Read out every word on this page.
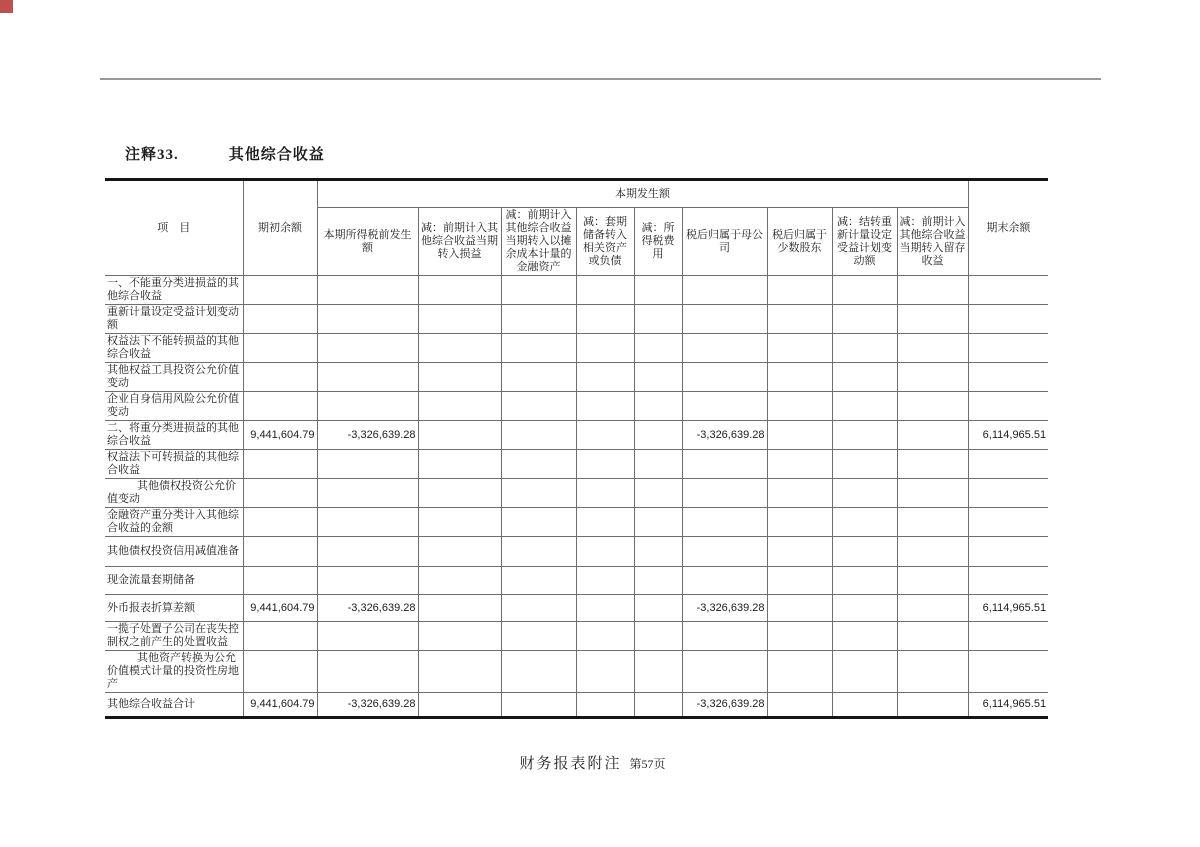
注释33.	其他综合收益
项　目	期初余额	本期发生额									期末余额
		本期所得税前发生额	减：前期计入其他综合收益当期转入损益	减：前期计入其他综合收益当期转入以摊余成本计量的金融资产	减：套期储备转入相关资产或负债	减：所得税费用	税后归属于母公司	税后归属于少数股东	减：结转重新计量设定受益计划变动额	减：前期计入其他综合收益当期转入留存收益	
一、不能重分类进损益的其他综合收益											
重新计量设定受益计划变动额											
权益法下不能转损益的其他综合收益											
其他权益工具投资公允价值变动											
企业自身信用风险公允价值变动											
二、将重分类进损益的其他综合收益	9,441,604.79	-3,326,639.28					-3,326,639.28				6,114,965.51
权益法下可转损益的其他综合收益											
其他债权投资公允价值变动											
金融资产重分类计入其他综合收益的金额											
其他债权投资信用减值准备											
现金流量套期储备											
外币报表折算差额	9,441,604.79	-3,326,639.28					-3,326,639.28				6,114,965.51
一揽子处置子公司在丧失控制权之前产生的处置收益											
其他资产转换为公允价值模式计量的投资性房地产											
其他综合收益合计	9,441,604.79	-3,326,639.28					-3,326,639.28				6,114,965.51
财务报表附注 第57页
